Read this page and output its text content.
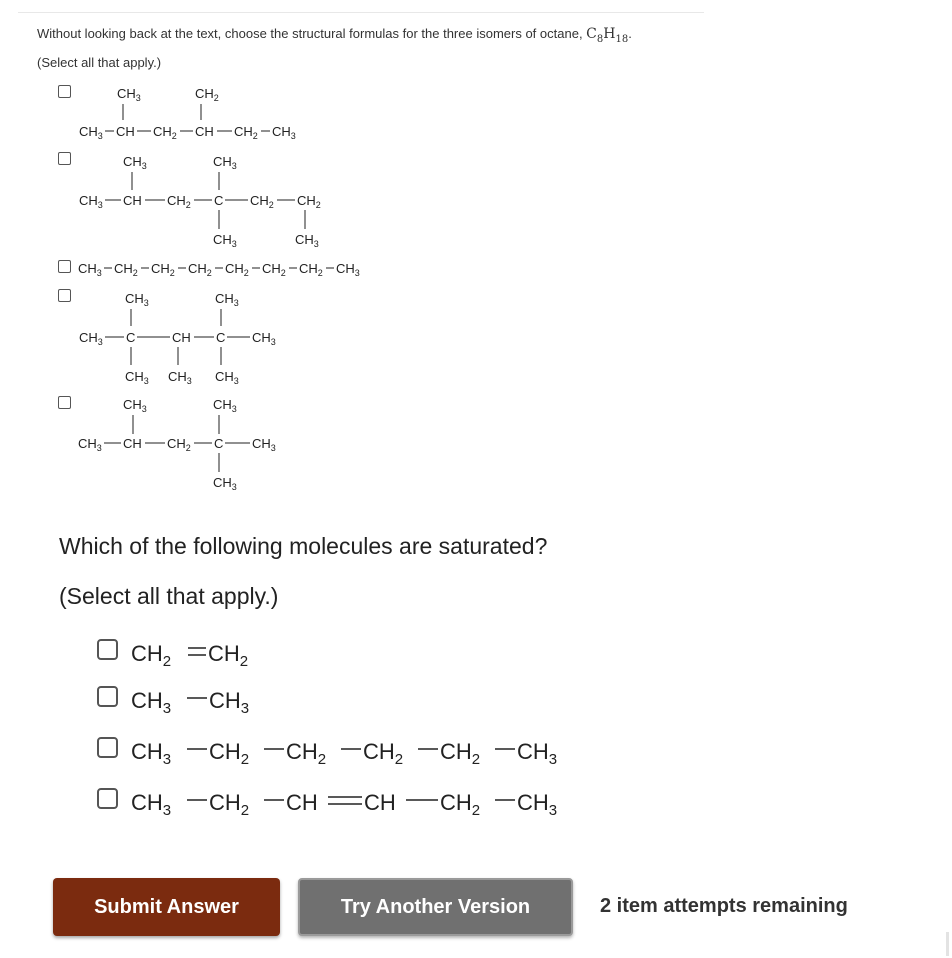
Without looking back at the text, choose the structural formulas for the three isomers of octane, $C_8H_{18}$.
(Select all that apply.)
$CH_3$	$CH_2$
$CH_3$ CH $CH_2$ CH $CH_2$ $CH_3$
$CH_3$	$CH_3$
$CH_3$ CH $CH_2$ C $CH_2$ $CH_2$
$CH_3$	$CH_3$
$CH_3$ $CH_2$ $CH_2$ $CH_2$ $CH_2$ $CH_2$ $CH_2$ $CH_3$
$CH_3$	$CH_3$
$CH_3$ C	CH C $CH_3$
$CH_3$ $CH_3$ $CH_3$
$CH_3$	$CH_3$
$CH_3$ CH $CH_2$ C $CH_3$
$CH_3$
Which of the following molecules are saturated?
(Select all that apply.)
$CH_2$ $CH_2$
$CH_3$ $CH_3$
$CH_3$ $CH_2$ $CH_2$ $CH_2$ $CH_2$ $CH_3$
$CH_3$ $CH_2$ CH CH $CH_2$ $CH_3$
Submit Answer	Try Another Version	2 item attempts remaining
